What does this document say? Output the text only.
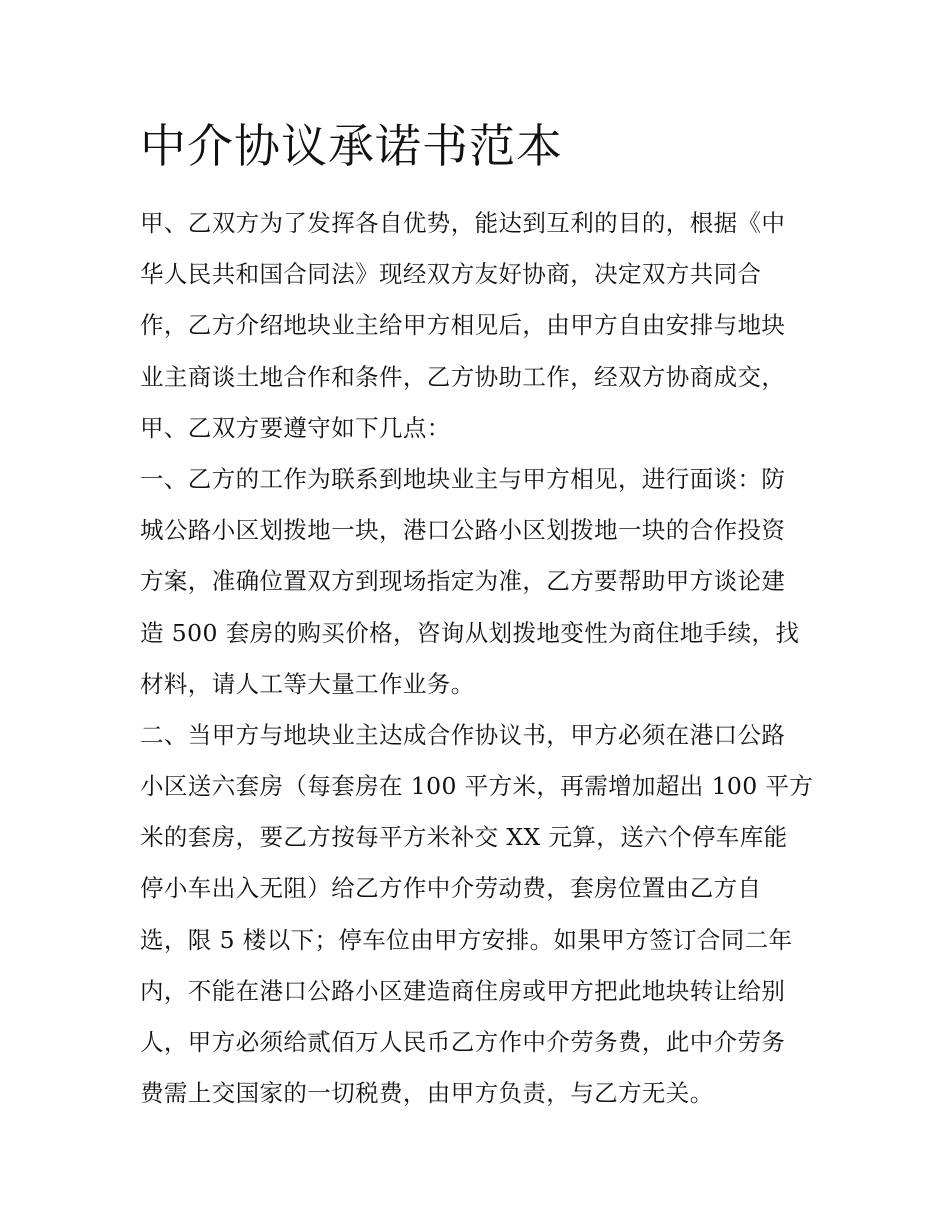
中介协议承诺书范本
甲、乙双方为了发挥各自优势，能达到互利的目的，根据《中
华人民共和国合同法》现经双方友好协商，决定双方共同合
作，乙方介绍地块业主给甲方相见后，由甲方自由安排与地块
业主商谈土地合作和条件，乙方协助工作，经双方协商成交，
甲、乙双方要遵守如下几点：
一、乙方的工作为联系到地块业主与甲方相见，进行面谈：防
城公路小区划拨地一块，港口公路小区划拨地一块的合作投资
方案，准确位置双方到现场指定为准，乙方要帮助甲方谈论建
造 500 套房的购买价格，咨询从划拨地变性为商住地手续，找
材料，请人工等大量工作业务。
二、当甲方与地块业主达成合作协议书，甲方必须在港口公路
小区送六套房（每套房在 100 平方米，再需增加超出 100 平方
米的套房，要乙方按每平方米补交 XX 元算，送六个停车库能
停小车出入无阻）给乙方作中介劳动费，套房位置由乙方自
选，限 5 楼以下；停车位由甲方安排。如果甲方签订合同二年
内，不能在港口公路小区建造商住房或甲方把此地块转让给别
人，甲方必须给贰佰万人民币乙方作中介劳务费，此中介劳务
费需上交国家的一切税费，由甲方负责，与乙方无关。
